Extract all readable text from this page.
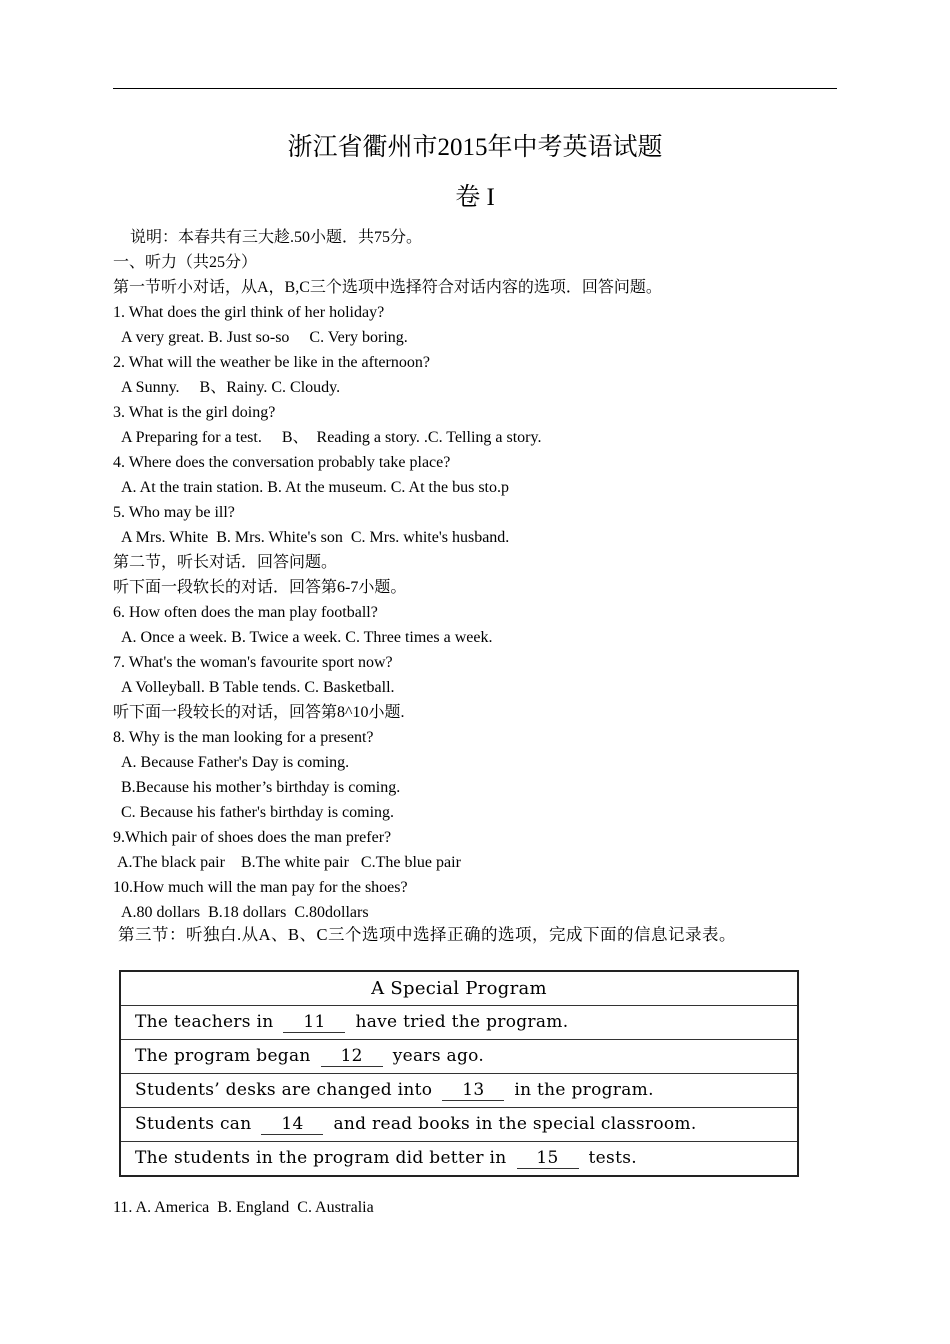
浙江省衢州市2015年中考英语试题
卷 I
说明：本春共有三大趁.50小题．共75分。
一、听力（共25分）
第一节听小对话，从A，B,C三个选项中选择符合对话内容的选项．回答问题。
1. What does the girl think of her holiday?
A very great. B. Just so-so     C. Very boring.
2. What will the weather be like in the afternoon?
A Sunny.     B、Rainy. C. Cloudy.
3. What is the girl doing?
A Preparing for a test.     B、  Reading a story. .C. Telling a story.
4. Where does the conversation probably take place?
A. At the train station. B. At the museum. C. At the bus sto.p
5. Who may be ill?
A Mrs. White  B. Mrs. White's son  C. Mrs. white's husband.
第二节，听长对话．回答问题。
听下面一段软长的对话．回答第6-7小题。
6. How often does the man play football?
A. Once a week. B. Twice a week. C. Three times a week.
7. What's the woman's favourite sport now?
A Volleyball. B Table tends. C. Basketball.
听下面一段较长的对话，回答第8^10小题.
8. Why is the man looking for a present?
A. Because Father's Day is coming.
B.Because his mother’s birthday is coming.
C. Because his father's birthday is coming.
9.Which pair of shoes does the man prefer?
A.The black pair    B.The white pair   C.The blue pair
10.How much will the man pay for the shoes?
A.80 dollars  B.18 dollars  C.80dollars
第三节：听独白.从A、B、C三个选项中选择正确的选项，完成下面的信息记录表。
A Special Program
The teachers in 11 have tried the program.
The program began 12 years ago.
Students’ desks are changed into 13 in the program.
Students can 14 and read books in the special classroom.
The students in the program did better in 15 tests.
11. A. America  B. England  C. Australia
